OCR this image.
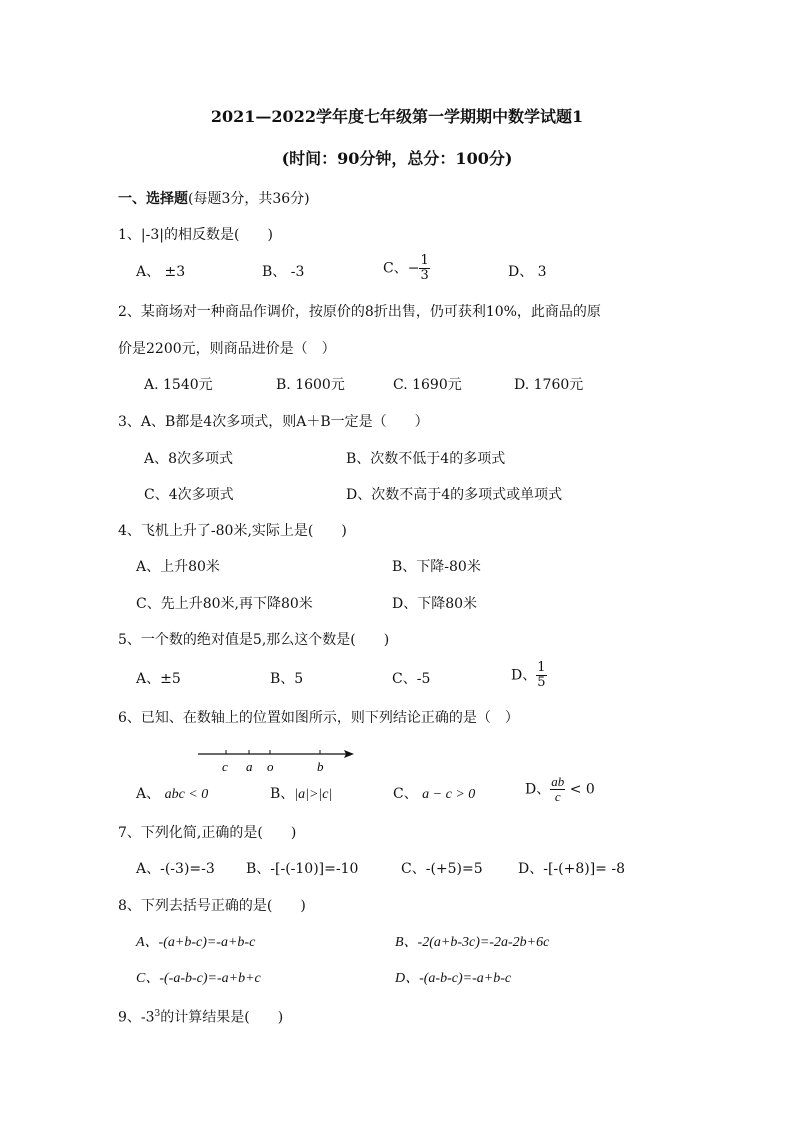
2021—2022学年度七年级第一学期期中数学试题1
(时间：90分钟，总分：100分)
一、选择题(每题3分，共36分)
1、|-3|的相反数是(　　)
A、 ±3	B、 -3	C、− $\frac{1}{3}$	D、 3
2、某商场对一种商品作调价，按原价的8折出售，仍可获利10%，此商品的原
价是2200元，则商品进价是（　）
A. 1540元	B. 1600元	C. 1690元	D. 1760元
3、A、B都是4次多项式，则A＋B一定是（　　）
A、8次多项式	B、次数不低于4的多项式
C、4次多项式	D、次数不高于4的多项式或单项式
4、飞机上升了-80米,实际上是(　　)
A、上升80米	B、下降-80米
C、先上升80米,再下降80米	D、下降80米
5、一个数的绝对值是5,那么这个数是(　　)
A、±5	B、5	C、-5	D、 $\frac{1}{5}$
6、已知、在数轴上的位置如图所示，则下列结论正确的是（　）
c a o	b
A、 abc < 0	B、|a|>|c|	C、 a − c > 0	D、 $\frac{ab}{c} < 0$
7、下列化简,正确的是(　　)
A、-(-3)=-3 B、-[-(-10)]=-10	C、-(+5)=5	D、-[-(+8)]= -8
8、下列去括号正确的是(　　)
A、-(a+b-c)=-a+b-c	B、-2(a+b-3c)=-2a-2b+6c
C、-(-a-b-c)=-a+b+c	D、-(a-b-c)=-a+b-c
9、$-3^3$的计算结果是(　　)
